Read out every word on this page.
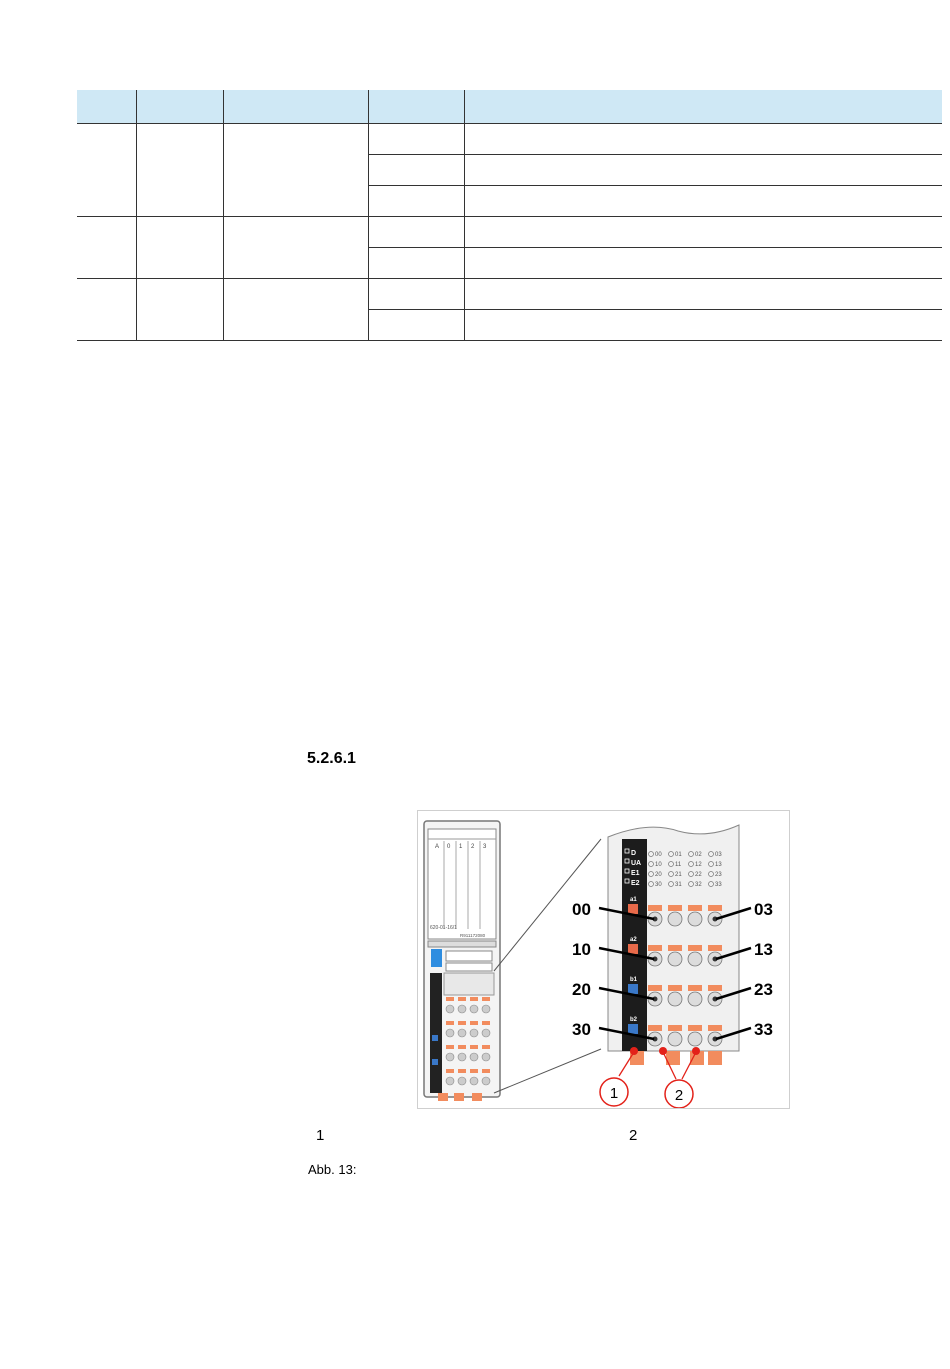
5.2.6.1
A 0 1 2 3
620-01-16/1
R911172080
D
UA
E1
E2
00 01 02 03
10 11 12 13
20 21 22 23
30 31 32 33
a1
a2
b1
b2
00
10
20
30
03
13
23
33
1	2
1	2
Abb. 13:
